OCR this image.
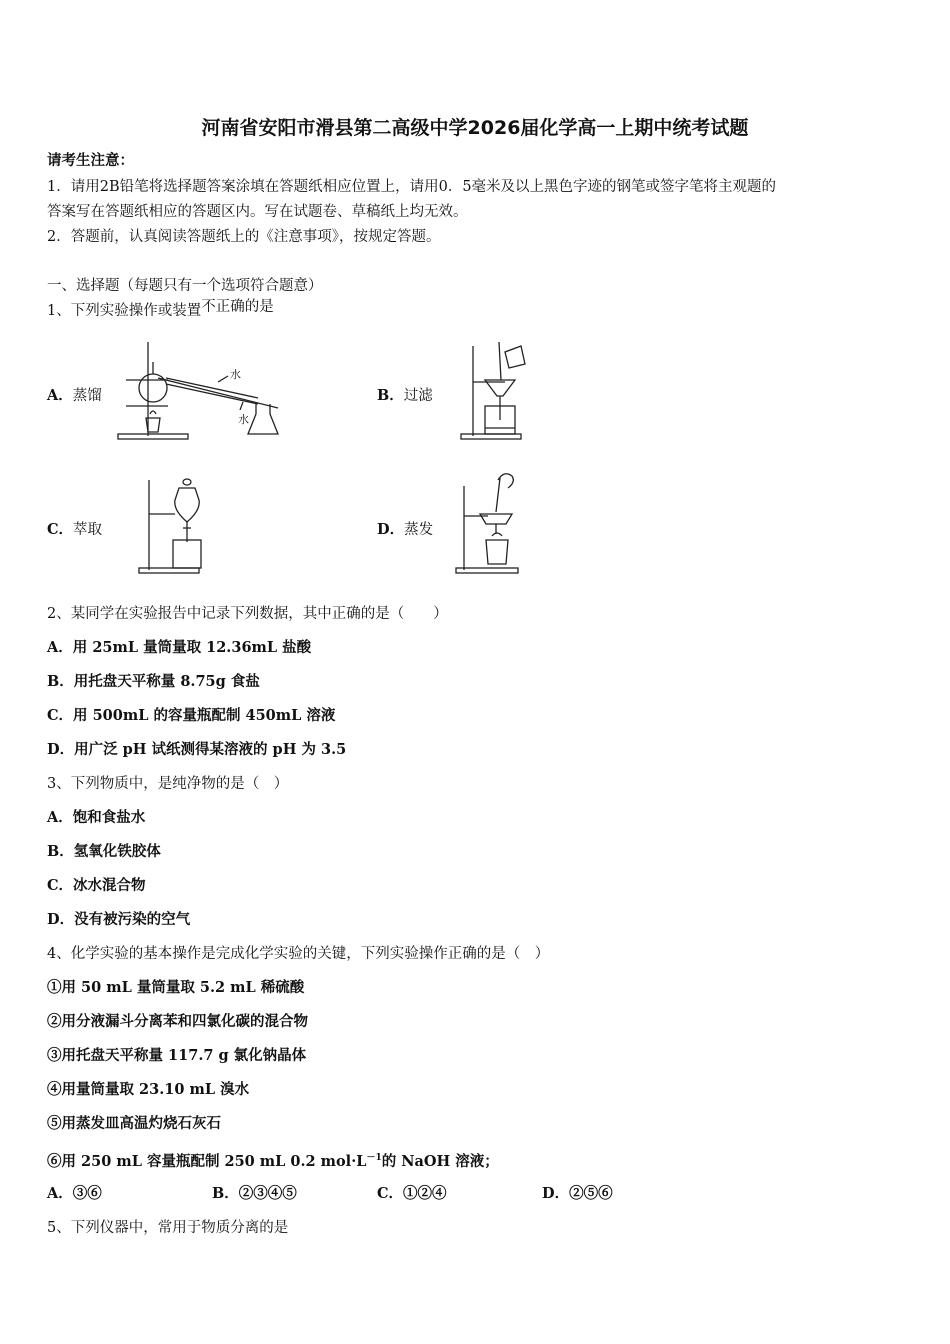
河南省安阳市滑县第二高级中学2026届化学高一上期中统考试题
请考生注意：
1．请用2B铅笔将选择题答案涂填在答题纸相应位置上，请用0．5毫米及以上黑色字迹的钢笔或签字笔将主观题的
答案写在答题纸相应的答题区内。写在试题卷、草稿纸上均无效。
2．答题前，认真阅读答题纸上的《注意事项》，按规定答题。
一、选择题（每题只有一个选项符合题意）
1、下列实验操作或装置不正确的是
A．蒸馏	B．过滤
C．萃取	D．蒸发
水
水
2、某同学在实验报告中记录下列数据，其中正确的是（　　）
A．用 25mL 量筒量取 12.36mL 盐酸
B．用托盘天平称量 8.75g 食盐
C．用 500mL 的容量瓶配制 450mL 溶液
D．用广泛 pH 试纸测得某溶液的 pH 为 3.5
3、下列物质中，是纯净物的是（　）
A．饱和食盐水
B．氢氧化铁胶体
C．冰水混合物
D．没有被污染的空气
4、化学实验的基本操作是完成化学实验的关键，下列实验操作正确的是（　）
①用 50 mL 量筒量取 5.2 mL 稀硫酸
②用分液漏斗分离苯和四氯化碳的混合物
③用托盘天平称量 117.7 g 氯化钠晶体
④用量筒量取 23.10 mL 溴水
⑤用蒸发皿高温灼烧石灰石
⑥用 250 mL 容量瓶配制 250 mL 0.2 $mol\cdot L^{-1}$的 NaOH 溶液；
A．③⑥	B．②③④⑤	C．①②④	D．②⑤⑥
5、下列仪器中，常用于物质分离的是
